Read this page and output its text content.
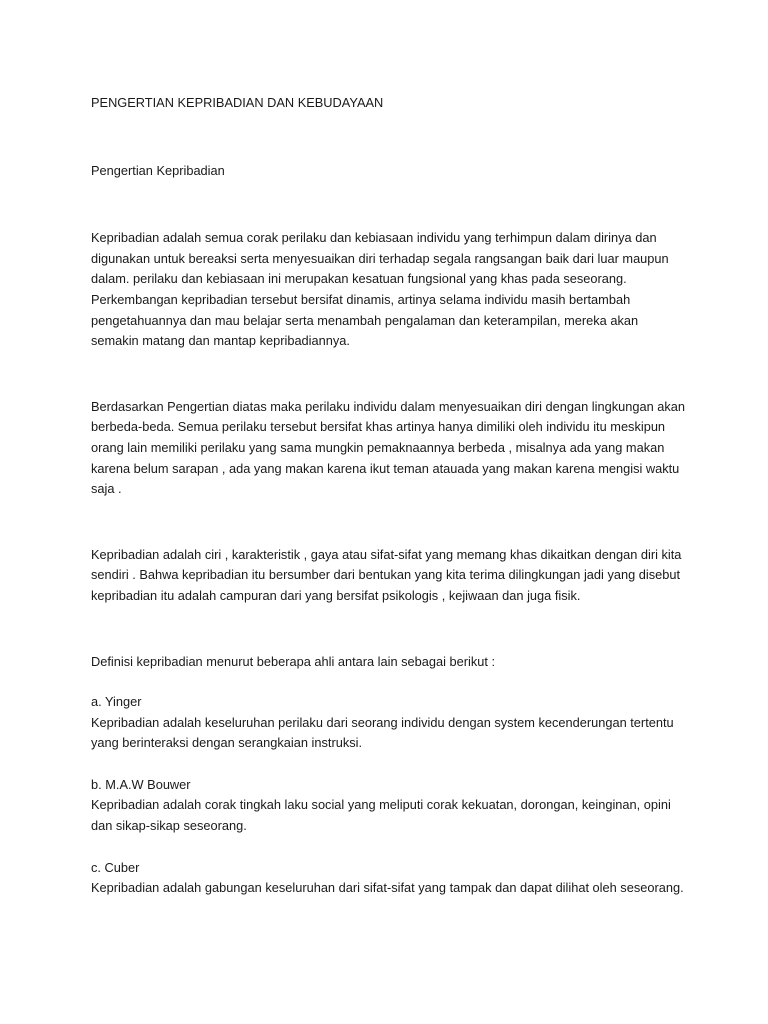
PENGERTIAN KEPRIBADIAN DAN KEBUDAYAAN
Pengertian Kepribadian
Kepribadian adalah semua corak perilaku dan kebiasaan individu yang terhimpun dalam dirinya dan
digunakan untuk bereaksi serta menyesuaikan diri terhadap segala rangsangan baik dari luar maupun
dalam. perilaku dan kebiasaan ini merupakan kesatuan fungsional yang khas pada seseorang.
Perkembangan kepribadian tersebut bersifat dinamis, artinya selama individu masih bertambah
pengetahuannya dan mau belajar serta menambah pengalaman dan keterampilan, mereka akan
semakin matang dan mantap kepribadiannya.
Berdasarkan Pengertian diatas maka perilaku individu dalam menyesuaikan diri dengan lingkungan akan
berbeda-beda. Semua perilaku tersebut bersifat khas artinya hanya dimiliki oleh individu itu meskipun
orang lain memiliki perilaku yang sama mungkin pemaknaannya berbeda , misalnya ada yang makan
karena belum sarapan , ada yang makan karena ikut teman atauada yang makan karena mengisi waktu
saja .
Kepribadian adalah ciri , karakteristik , gaya atau sifat-sifat yang memang khas dikaitkan dengan diri kita
sendiri . Bahwa kepribadian itu bersumber dari bentukan yang kita terima dilingkungan jadi yang disebut
kepribadian itu adalah campuran dari yang bersifat psikologis , kejiwaan dan juga fisik.
Definisi kepribadian menurut beberapa ahli antara lain sebagai berikut :
a. Yinger
Kepribadian adalah keseluruhan perilaku dari seorang individu dengan system kecenderungan tertentu
yang berinteraksi dengan serangkaian instruksi.
b. M.A.W Bouwer
Kepribadian adalah corak tingkah laku social yang meliputi corak kekuatan, dorongan, keinginan, opini
dan sikap-sikap seseorang.
c. Cuber
Kepribadian adalah gabungan keseluruhan dari sifat-sifat yang tampak dan dapat dilihat oleh seseorang.
